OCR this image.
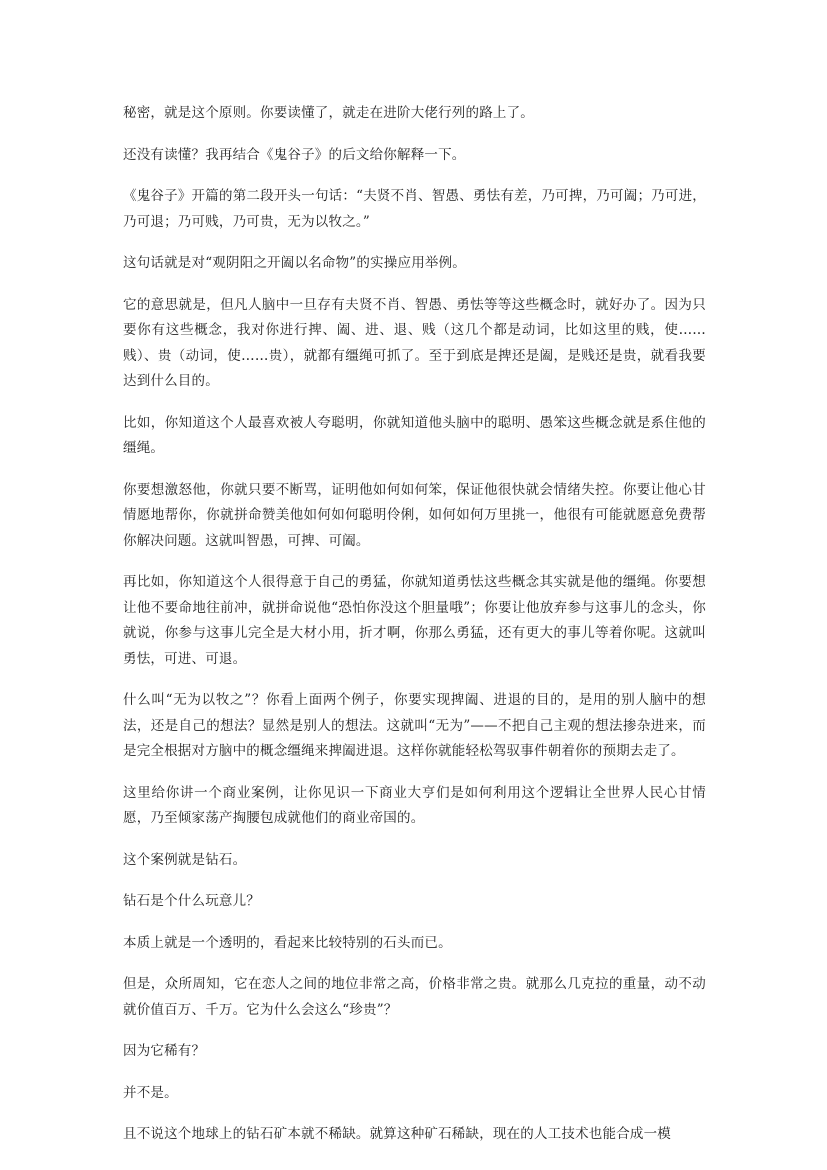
秘密，就是这个原则。你要读懂了，就走在进阶大佬行列的路上了。

还没有读懂？我再结合《鬼谷子》的后文给你解释一下。

《鬼谷子》开篇的第二段开头一句话：“夫贤不肖、智愚、勇怯有差，乃可捭，乃可阖；乃可进，乃可退；乃可贱，乃可贵，无为以牧之。”

这句话就是对“观阴阳之开阖以名命物”的实操应用举例。

它的意思就是，但凡人脑中一旦存有夫贤不肖、智愚、勇怯等等这些概念时，就好办了。因为只要你有这些概念，我对你进行捭、阖、进、退、贱（这几个都是动词，比如这里的贱，使……贱）、贵（动词，使……贵），就都有缰绳可抓了。至于到底是捭还是阖，是贱还是贵，就看我要达到什么目的。

比如，你知道这个人最喜欢被人夸聪明，你就知道他头脑中的聪明、愚笨这些概念就是系住他的缰绳。

你要想激怒他，你就只要不断骂，证明他如何如何笨，保证他很快就会情绪失控。你要让他心甘情愿地帮你，你就拼命赞美他如何如何聪明伶俐，如何如何万里挑一，他很有可能就愿意免费帮你解决问题。这就叫智愚，可捭、可阖。

再比如，你知道这个人很得意于自己的勇猛，你就知道勇怯这些概念其实就是他的缰绳。你要想让他不要命地往前冲，就拼命说他“恐怕你没这个胆量哦”；你要让他放弃参与这事儿的念头，你就说，你参与这事儿完全是大材小用，折才啊，你那么勇猛，还有更大的事儿等着你呢。这就叫勇怯，可进、可退。

什么叫“无为以牧之”？你看上面两个例子，你要实现捭阖、进退的目的，是用的别人脑中的想法，还是自己的想法？显然是别人的想法。这就叫“无为”——不把自己主观的想法掺杂进来，而是完全根据对方脑中的概念缰绳来捭阖进退。这样你就能轻松驾驭事件朝着你的预期去走了。

这里给你讲一个商业案例，让你见识一下商业大亨们是如何利用这个逻辑让全世界人民心甘情愿，乃至倾家荡产掏腰包成就他们的商业帝国的。

这个案例就是钻石。

钻石是个什么玩意儿？

本质上就是一个透明的，看起来比较特别的石头而已。

但是，众所周知，它在恋人之间的地位非常之高，价格非常之贵。就那么几克拉的重量，动不动就价值百万、千万。它为什么会这么“珍贵”？

因为它稀有？

并不是。

且不说这个地球上的钻石矿本就不稀缺。就算这种矿石稀缺，现在的人工技术也能合成一模
